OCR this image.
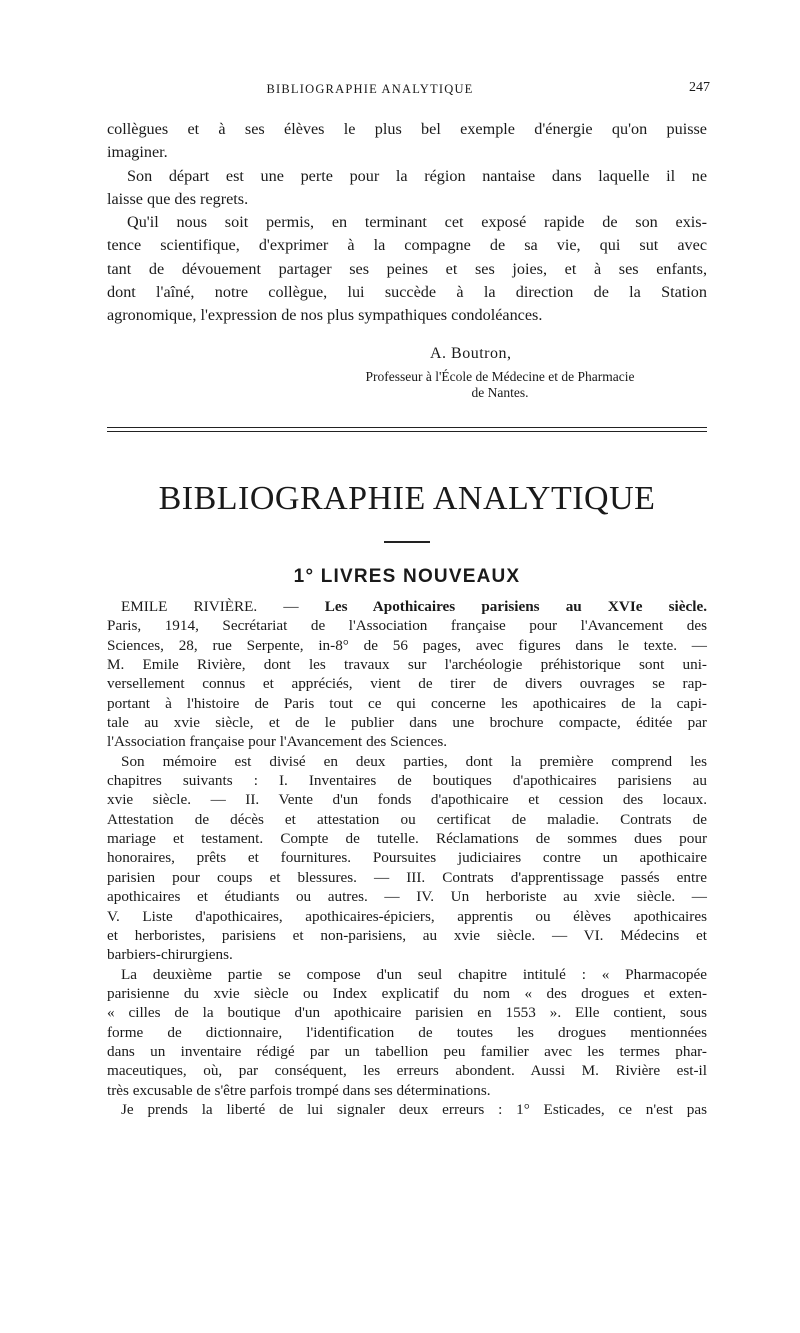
BIBLIOGRAPHIE ANALYTIQUE	247
collègues et à ses élèves le plus bel exemple d'énergie qu'on puisse
imaginer.
Son départ est une perte pour la région nantaise dans laquelle il ne
laisse que des regrets.
Qu'il nous soit permis, en terminant cet exposé rapide de son exis-
tence scientifique, d'exprimer à la compagne de sa vie, qui sut avec
tant de dévouement partager ses peines et ses joies, et à ses enfants,
dont l'aîné, notre collègue, lui succède à la direction de la Station
agronomique, l'expression de nos plus sympathiques condoléances.
A. Boutron,
Professeur à l'École de Médecine et de Pharmacie
de Nantes.
BIBLIOGRAPHIE ANALYTIQUE
1° LIVRES NOUVEAUX
EMILE RIVIÈRE. — Les Apothicaires parisiens au XVIe siècle.
Paris, 1914, Secrétariat de l'Association française pour l'Avancement des
Sciences, 28, rue Serpente, in-8° de 56 pages, avec figures dans le texte. —
M. Emile Rivière, dont les travaux sur l'archéologie préhistorique sont uni-
versellement connus et appréciés, vient de tirer de divers ouvrages se rap-
portant à l'histoire de Paris tout ce qui concerne les apothicaires de la capi-
tale au xvie siècle, et de le publier dans une brochure compacte, éditée par
l'Association française pour l'Avancement des Sciences.
Son mémoire est divisé en deux parties, dont la première comprend les
chapitres suivants : I. Inventaires de boutiques d'apothicaires parisiens au
xvie siècle. — II. Vente d'un fonds d'apothicaire et cession des locaux.
Attestation de décès et attestation ou certificat de maladie. Contrats de
mariage et testament. Compte de tutelle. Réclamations de sommes dues pour
honoraires, prêts et fournitures. Poursuites judiciaires contre un apothicaire
parisien pour coups et blessures. — III. Contrats d'apprentissage passés entre
apothicaires et étudiants ou autres. — IV. Un herboriste au xvie siècle. —
V. Liste d'apothicaires, apothicaires-épiciers, apprentis ou élèves apothicaires
et herboristes, parisiens et non-parisiens, au xvie siècle. — VI. Médecins et
barbiers-chirurgiens.
La deuxième partie se compose d'un seul chapitre intitulé : « Pharmacopée
parisienne du xvie siècle ou Index explicatif du nom « des drogues et exten-
« cilles de la boutique d'un apothicaire parisien en 1553 ». Elle contient, sous
forme de dictionnaire, l'identification de toutes les drogues mentionnées
dans un inventaire rédigé par un tabellion peu familier avec les termes phar-
maceutiques, où, par conséquent, les erreurs abondent. Aussi M. Rivière est-il
très excusable de s'être parfois trompé dans ses déterminations.
Je prends la liberté de lui signaler deux erreurs : 1° Esticades, ce n'est pas
